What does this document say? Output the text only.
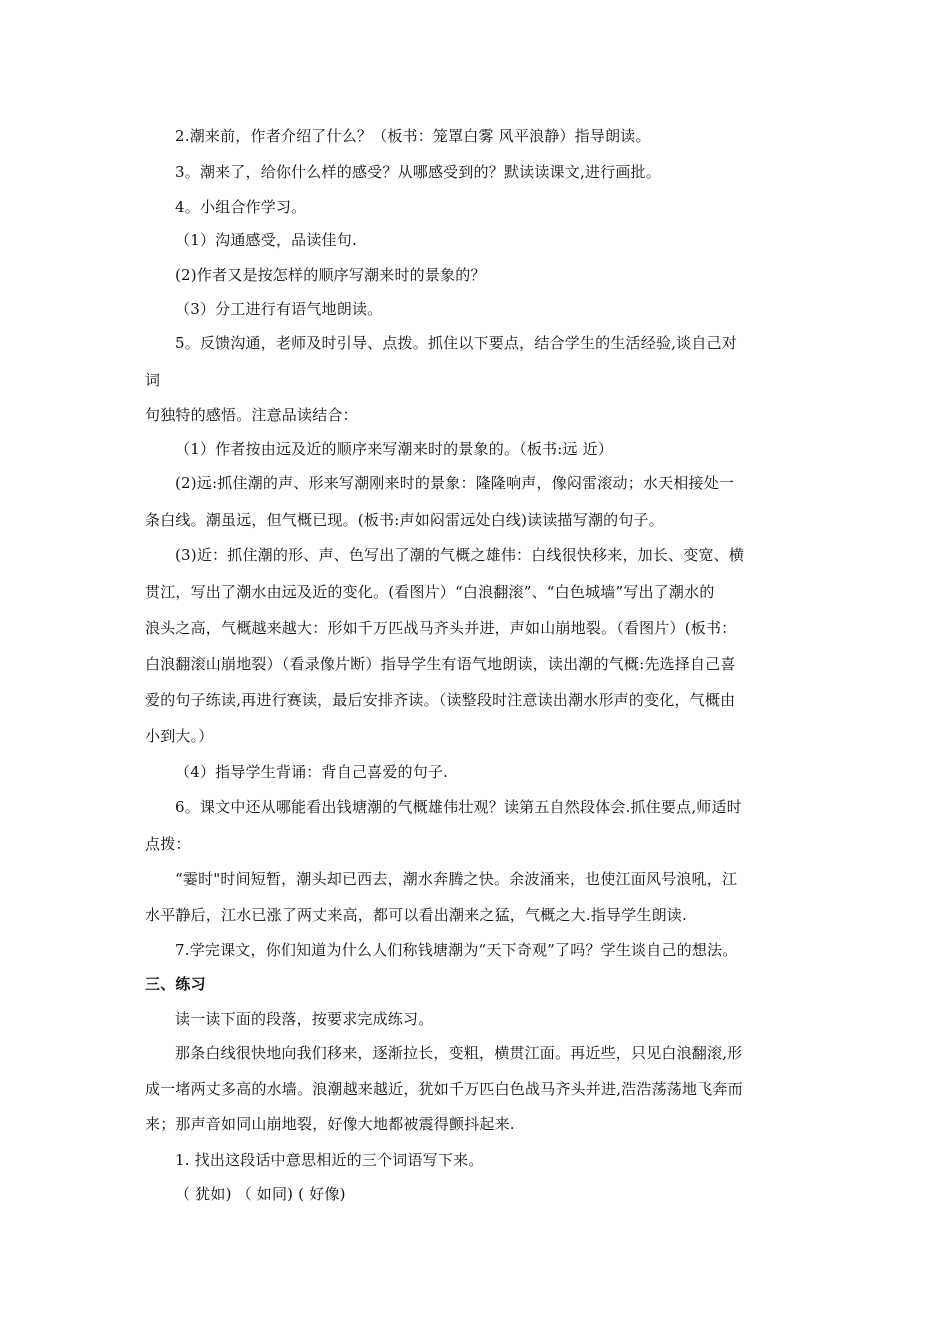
2.潮来前，作者介绍了什么？（板书：笼罩白雾 风平浪静）指导朗读。
3。潮来了，给你什么样的感受？从哪感受到的？默读读课文,进行画批。
4。小组合作学习。
（1）沟通感受，品读佳句.
(2)作者又是按怎样的顺序写潮来时的景象的？
（3）分工进行有语气地朗读。
5。反馈沟通，老师及时引导、点拨。抓住以下要点，结合学生的生活经验,谈自己对
词
句独特的感悟。注意品读结合：
（1）作者按由远及近的顺序来写潮来时的景象的。（板书:远 近）
(2)远:抓住潮的声、形来写潮刚来时的景象：隆隆响声，像闷雷滚动；水天相接处一
条白线。潮虽远，但气概已现。(板书:声如闷雷远处白线)读读描写潮的句子。
(3)近：抓住潮的形、声、色写出了潮的气概之雄伟：白线很快移来，加长、变宽、横
贯江，写出了潮水由远及近的变化。(看图片）“白浪翻滚”、“白色城墙”写出了潮水的
浪头之高，气概越来越大：形如千万匹战马齐头并进，声如山崩地裂。（看图片）(板书：
白浪翻滚山崩地裂）（看录像片断）指导学生有语气地朗读，读出潮的气概:先选择自己喜
爱的句子练读,再进行赛读，最后安排齐读。（读整段时注意读出潮水形声的变化，气概由
小到大。）
（4）指导学生背诵：背自己喜爱的句子.
6。课文中还从哪能看出钱塘潮的气概雄伟壮观？读第五自然段体会.抓住要点,师适时
点拨：
“霎时"时间短暂，潮头却已西去，潮水奔腾之快。余波涌来，也使江面风号浪吼，江
水平静后，江水已涨了两丈来高，都可以看出潮来之猛，气概之大.指导学生朗读.
7.学完课文，你们知道为什么人们称钱塘潮为“天下奇观”了吗？学生谈自己的想法。
三、练习
读一读下面的段落，按要求完成练习。
那条白线很快地向我们移来，逐渐拉长，变粗，横贯江面。再近些，只见白浪翻滚,形
成一堵两丈多高的水墙。浪潮越来越近，犹如千万匹白色战马齐头并进,浩浩荡荡地飞奔而
来；那声音如同山崩地裂，好像大地都被震得颤抖起来.
1. 找出这段话中意思相近的三个词语写下来。
（ 犹如) （ 如同) ( 好像)
